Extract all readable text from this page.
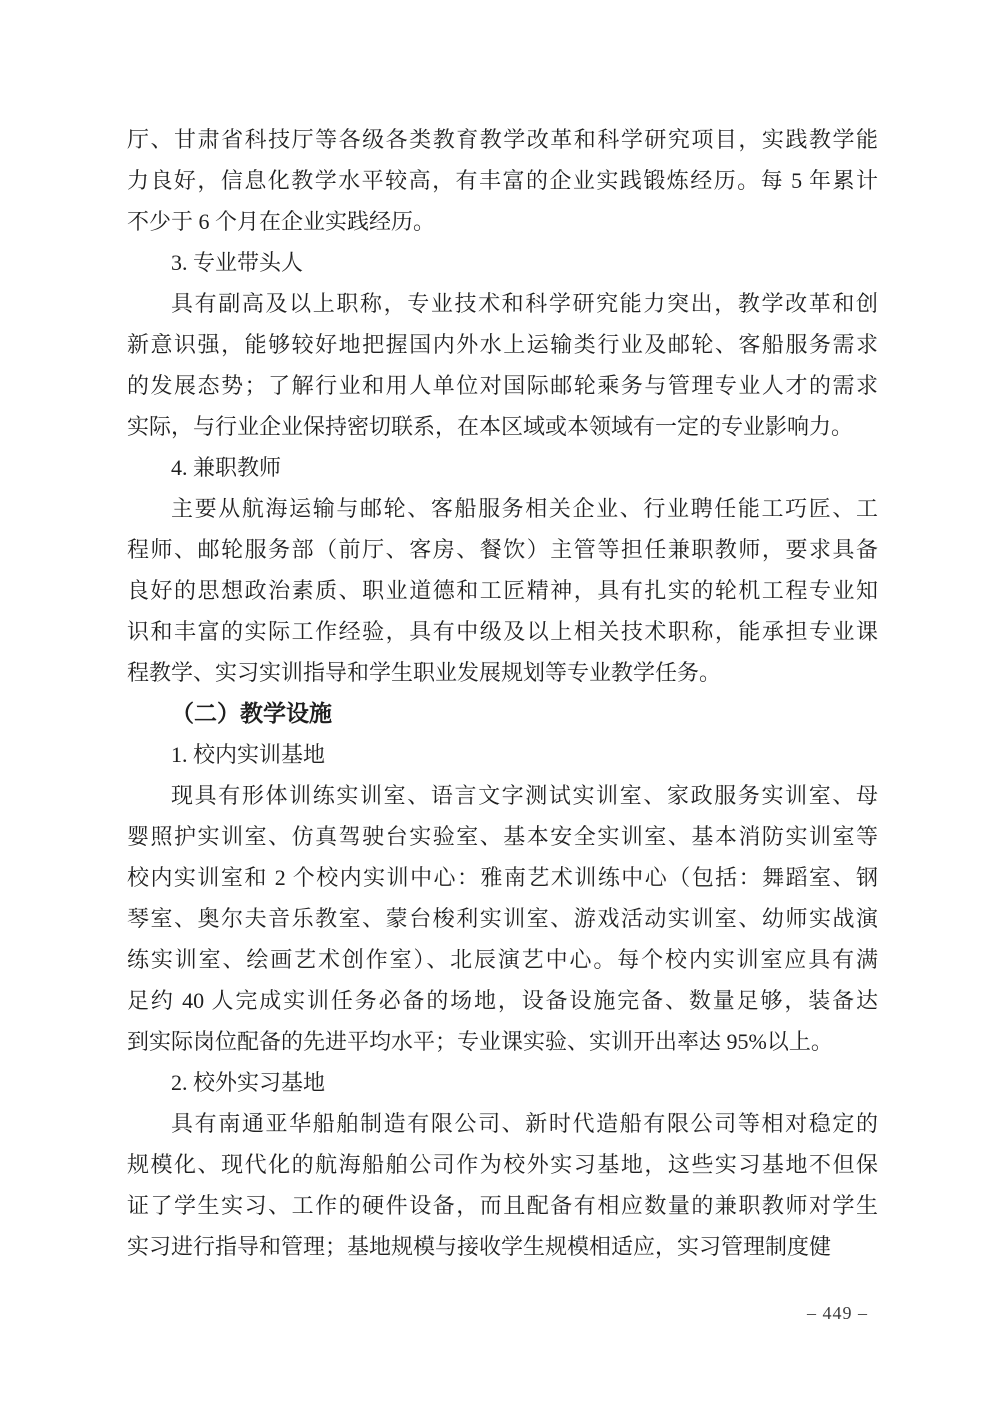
厅、甘肃省科技厅等各级各类教育教学改革和科学研究项目，实践教学能
力良好，信息化教学水平较高，有丰富的企业实践锻炼经历。每 5 年累计
不少于 6 个月在企业实践经历。
3. 专业带头人
具有副高及以上职称，专业技术和科学研究能力突出，教学改革和创
新意识强，能够较好地把握国内外水上运输类行业及邮轮、客船服务需求
的发展态势；了解行业和用人单位对国际邮轮乘务与管理专业人才的需求
实际，与行业企业保持密切联系，在本区域或本领域有一定的专业影响力。
4. 兼职教师
主要从航海运输与邮轮、客船服务相关企业、行业聘任能工巧匠、工
程师、邮轮服务部（前厅、客房、餐饮）主管等担任兼职教师，要求具备
良好的思想政治素质、职业道德和工匠精神，具有扎实的轮机工程专业知
识和丰富的实际工作经验，具有中级及以上相关技术职称，能承担专业课
程教学、实习实训指导和学生职业发展规划等专业教学任务。
（二）教学设施
1. 校内实训基地
现具有形体训练实训室、语言文字测试实训室、家政服务实训室、母
婴照护实训室、仿真驾驶台实验室、基本安全实训室、基本消防实训室等
校内实训室和 2 个校内实训中心：雅南艺术训练中心（包括：舞蹈室、钢
琴室、奥尔夫音乐教室、蒙台梭利实训室、游戏活动实训室、幼师实战演
练实训室、绘画艺术创作室）、北辰演艺中心。每个校内实训室应具有满
足约 40 人完成实训任务必备的场地，设备设施完备、数量足够，装备达
到实际岗位配备的先进平均水平；专业课实验、实训开出率达 95%以上。
2. 校外实习基地
具有南通亚华船舶制造有限公司、新时代造船有限公司等相对稳定的
规模化、现代化的航海船舶公司作为校外实习基地，这些实习基地不但保
证了学生实习、工作的硬件设备，而且配备有相应数量的兼职教师对学生
实习进行指导和管理；基地规模与接收学生规模相适应，实习管理制度健
– 449 –
